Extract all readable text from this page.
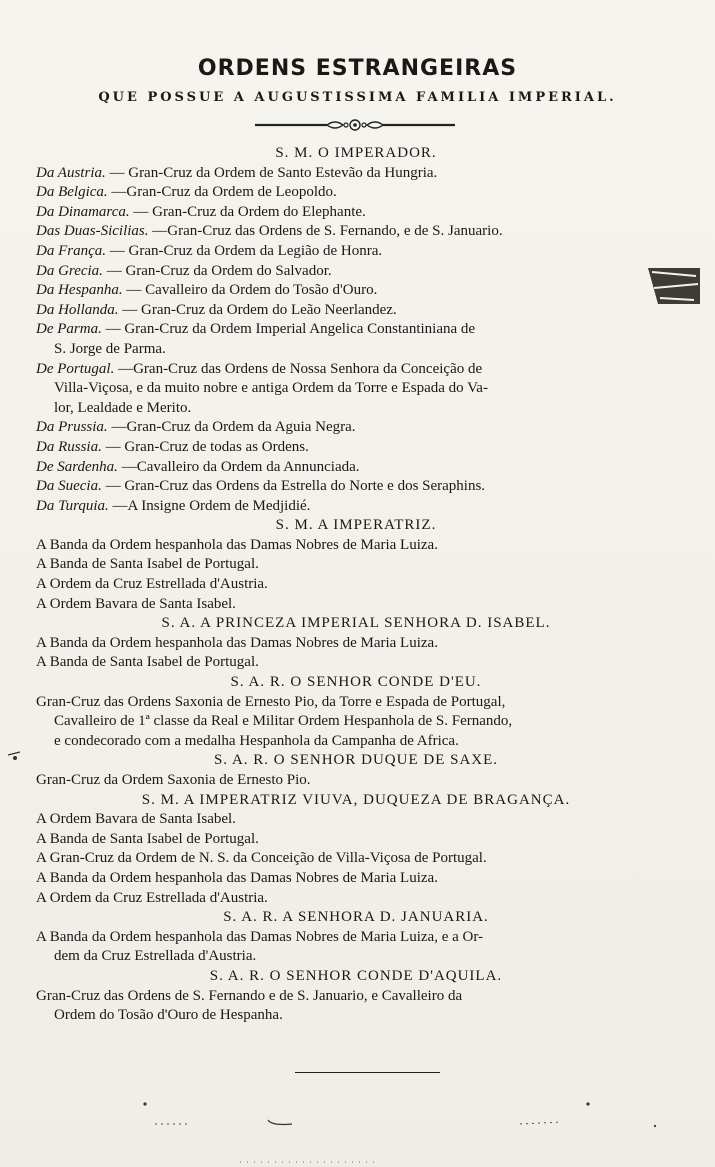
ORDENS ESTRANGEIRAS
QUE POSSUE A AUGUSTISSIMA FAMILIA IMPERIAL.
S. M. O IMPERADOR.
Da Austria. — Gran-Cruz da Ordem de Santo Estevão da Hungria.
Da Belgica. —Gran-Cruz da Ordem de Leopoldo.
Da Dinamarca. — Gran-Cruz da Ordem do Elephante.
Das Duas-Sicilias. —Gran-Cruz das Ordens de S. Fernando, e de S. Januario.
Da França. — Gran-Cruz da Ordem da Legião de Honra.
Da Grecia. — Gran-Cruz da Ordem do Salvador.
Da Hespanha. — Cavalleiro da Ordem do Tosão d'Ouro.
Da Hollanda. — Gran-Cruz da Ordem do Leão Neerlandez.
De Parma. — Gran-Cruz da Ordem Imperial Angelica Constantiniana de
S. Jorge de Parma.
De Portugal. —Gran-Cruz das Ordens de Nossa Senhora da Conceição de
Villa-Viçosa, e da muito nobre e antiga Ordem da Torre e Espada do Va-
lor, Lealdade e Merito.
Da Prussia. —Gran-Cruz da Ordem da Aguia Negra.
Da Russia. — Gran-Cruz de todas as Ordens.
De Sardenha. —Cavalleiro da Ordem da Annunciada.
Da Suecia. — Gran-Cruz das Ordens da Estrella do Norte e dos Seraphins.
Da Turquia. —A Insigne Ordem de Medjidié.
S. M. A IMPERATRIZ.
A Banda da Ordem hespanhola das Damas Nobres de Maria Luiza.
A Banda de Santa Isabel de Portugal.
A Ordem da Cruz Estrellada d'Austria.
A Ordem Bavara de Santa Isabel.
S. A. A PRINCEZA IMPERIAL SENHORA D. ISABEL.
A Banda da Ordem hespanhola das Damas Nobres de Maria Luiza.
A Banda de Santa Isabel de Portugal.
S. A. R. O SENHOR CONDE D'EU.
Gran-Cruz das Ordens Saxonia de Ernesto Pio, da Torre e Espada de Portugal,
Cavalleiro de 1ª classe da Real e Militar Ordem Hespanhola de S. Fernando,
e condecorado com a medalha Hespanhola da Campanha de Africa.
S. A. R. O SENHOR DUQUE DE SAXE.
Gran-Cruz da Ordem Saxonia de Ernesto Pio.
S. M. A IMPERATRIZ VIUVA, DUQUEZA DE BRAGANÇA.
A Ordem Bavara de Santa Isabel.
A Banda de Santa Isabel de Portugal.
A Gran-Cruz da Ordem de N. S. da Conceição de Villa-Viçosa de Portugal.
A Banda da Ordem hespanhola das Damas Nobres de Maria Luiza.
A Ordem da Cruz Estrellada d'Austria.
S. A. R. A SENHORA D. JANUARIA.
A Banda da Ordem hespanhola das Damas Nobres de Maria Luiza, e a Or-
dem da Cruz Estrellada d'Austria.
S. A. R. O SENHOR CONDE D'AQUILA.
Gran-Cruz das Ordens de S. Fernando e de S. Januario, e Cavalleiro da
Ordem do Tosão d'Ouro de Hespanha.
